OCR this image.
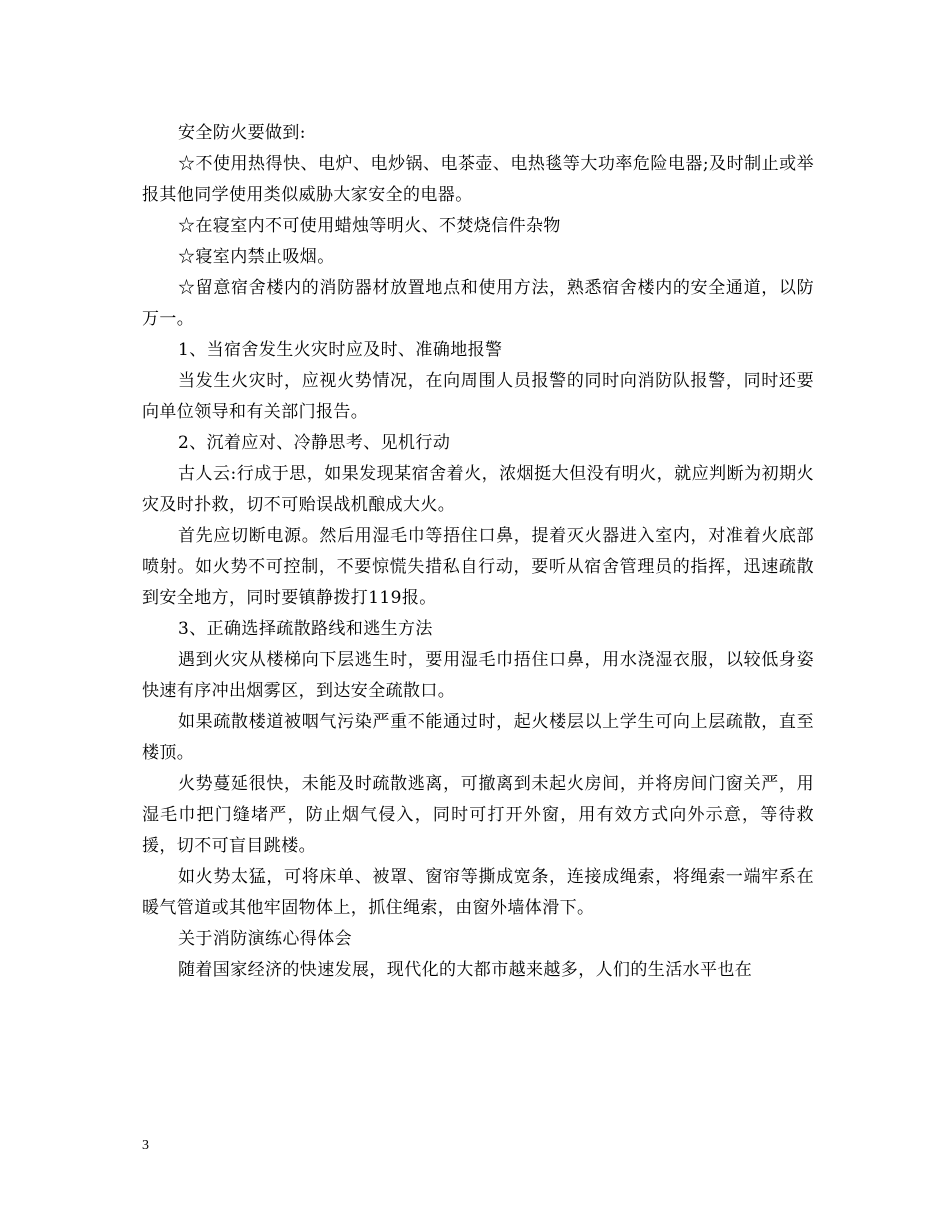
安全防火要做到:

☆不使用热得快、电炉、电炒锅、电茶壶、电热毯等大功率危险电器;及时制止或举报其他同学使用类似威胁大家安全的电器。

☆在寝室内不可使用蜡烛等明火、不焚烧信件杂物

☆寝室内禁止吸烟。

☆留意宿舍楼内的消防器材放置地点和使用方法，熟悉宿舍楼内的安全通道，以防万一。

1、当宿舍发生火灾时应及时、准确地报警

当发生火灾时，应视火势情况，在向周围人员报警的同时向消防队报警，同时还要向单位领导和有关部门报告。

2、沉着应对、冷静思考、见机行动

古人云:行成于思，如果发现某宿舍着火，浓烟挺大但没有明火，就应判断为初期火灾及时扑救，切不可贻误战机酿成大火。

首先应切断电源。然后用湿毛巾等捂住口鼻，提着灭火器进入室内，对准着火底部喷射。如火势不可控制，不要惊慌失措私自行动，要听从宿舍管理员的指挥，迅速疏散 到安全地方，同时要镇静拨打119报。

3、正确选择疏散路线和逃生方法

遇到火灾从楼梯向下层逃生时，要用湿毛巾捂住口鼻，用水浇湿衣服，以较低身姿快速有序冲出烟雾区，到达安全疏散口。

如果疏散楼道被咽气污染严重不能通过时，起火楼层以上学生可向上层疏散，直至楼顶。

火势蔓延很快，未能及时疏散逃离，可撤离到未起火房间，并将房间门窗关严，用湿毛巾把门缝堵严，防止烟气侵入，同时可打开外窗，用有效方式向外示意，等待救援，切不可盲目跳楼。

如火势太猛，可将床单、被罩、窗帘等撕成宽条，连接成绳索，将绳索一端牢系在暖气管道或其他牢固物体上，抓住绳索，由窗外墙体滑下。

关于消防演练心得体会

随着国家经济的快速发展，现代化的大都市越来越多，人们的生活水平也在

3
